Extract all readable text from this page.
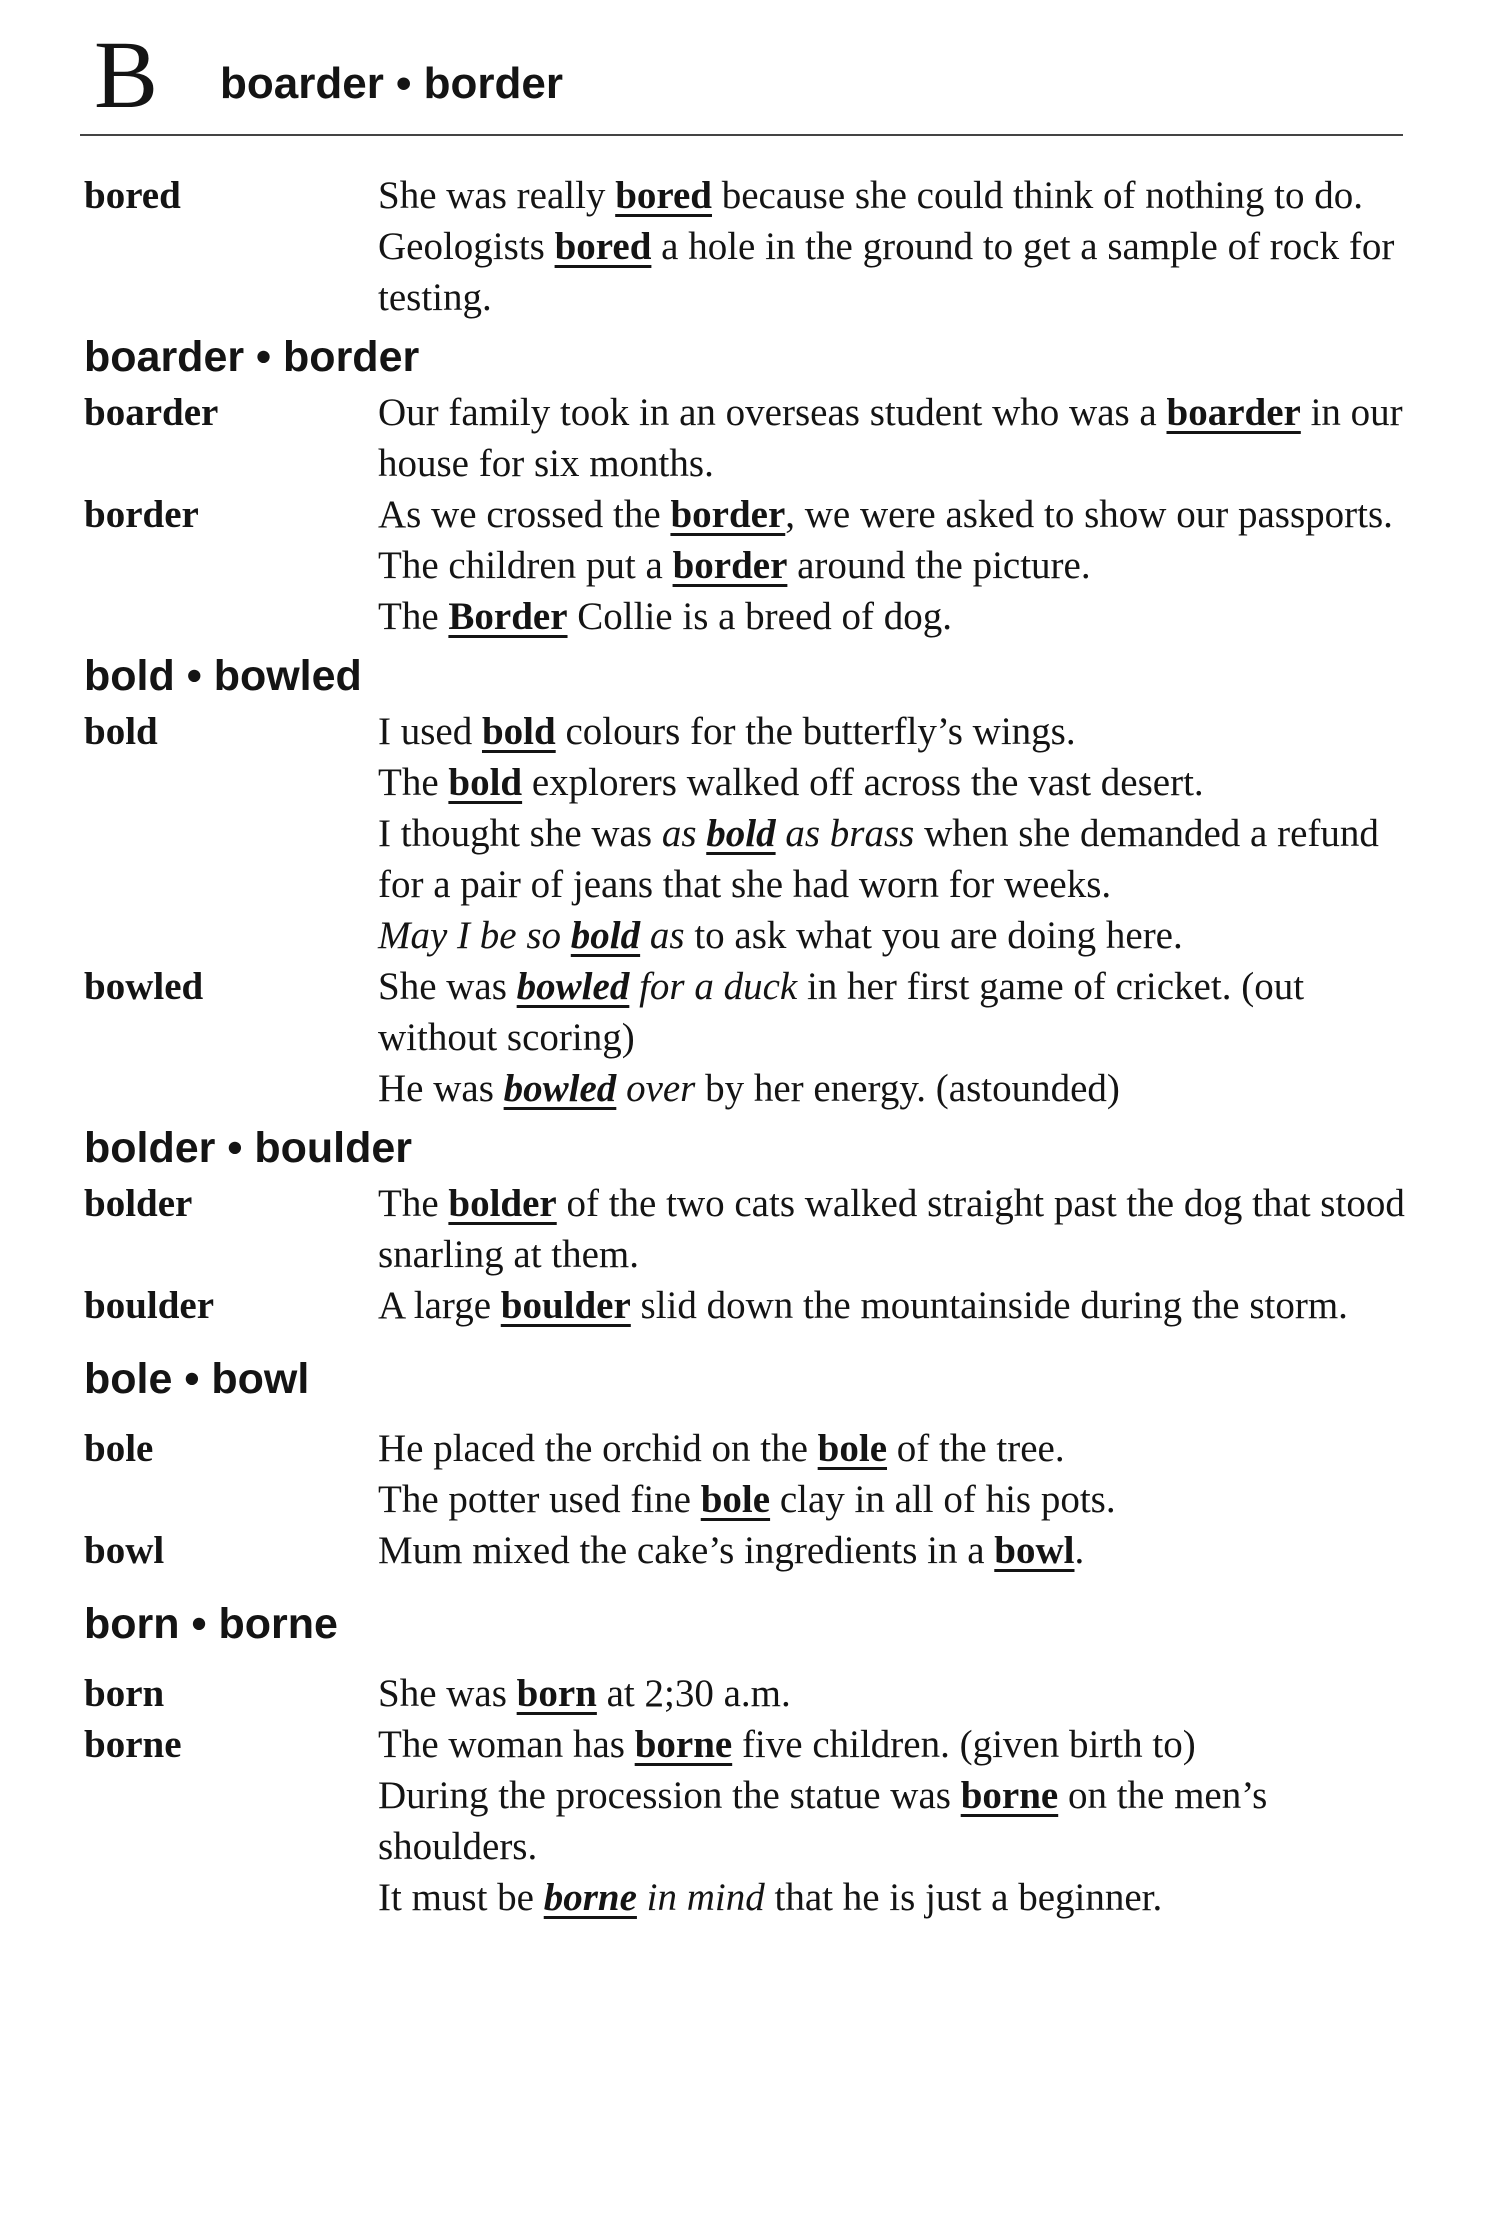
B boarder • border
bored	She was really bored because she could think of nothing to do.
Geologists bored a hole in the ground to get a sample of rock for testing.
boarder • border
boarder	Our family took in an overseas student who was a boarder in our house for six months.
border	As we crossed the border, we were asked to show our passports.
The children put a border around the picture.
The Border Collie is a breed of dog.
bold • bowled
bold	I used bold colours for the butterfly’s wings.
The bold explorers walked off across the vast desert.
I thought she was as bold as brass when she demanded a refund for a pair of jeans that she had worn for weeks.
May I be so bold as to ask what you are doing here.
bowled	She was bowled for a duck in her first game of cricket. (out without scoring)
He was bowled over by her energy. (astounded)
bolder • boulder
bolder	The bolder of the two cats walked straight past the dog that stood snarling at them.
boulder	A large boulder slid down the mountainside during the storm.
bole • bowl
bole	He placed the orchid on the bole of the tree.
The potter used fine bole clay in all of his pots.
bowl	Mum mixed the cake’s ingredients in a bowl.
born • borne
born	She was born at 2;30 a.m.
borne	The woman has borne five children. (given birth to)
During the procession the statue was borne on the men’s shoulders.
It must be borne in mind that he is just a beginner.
